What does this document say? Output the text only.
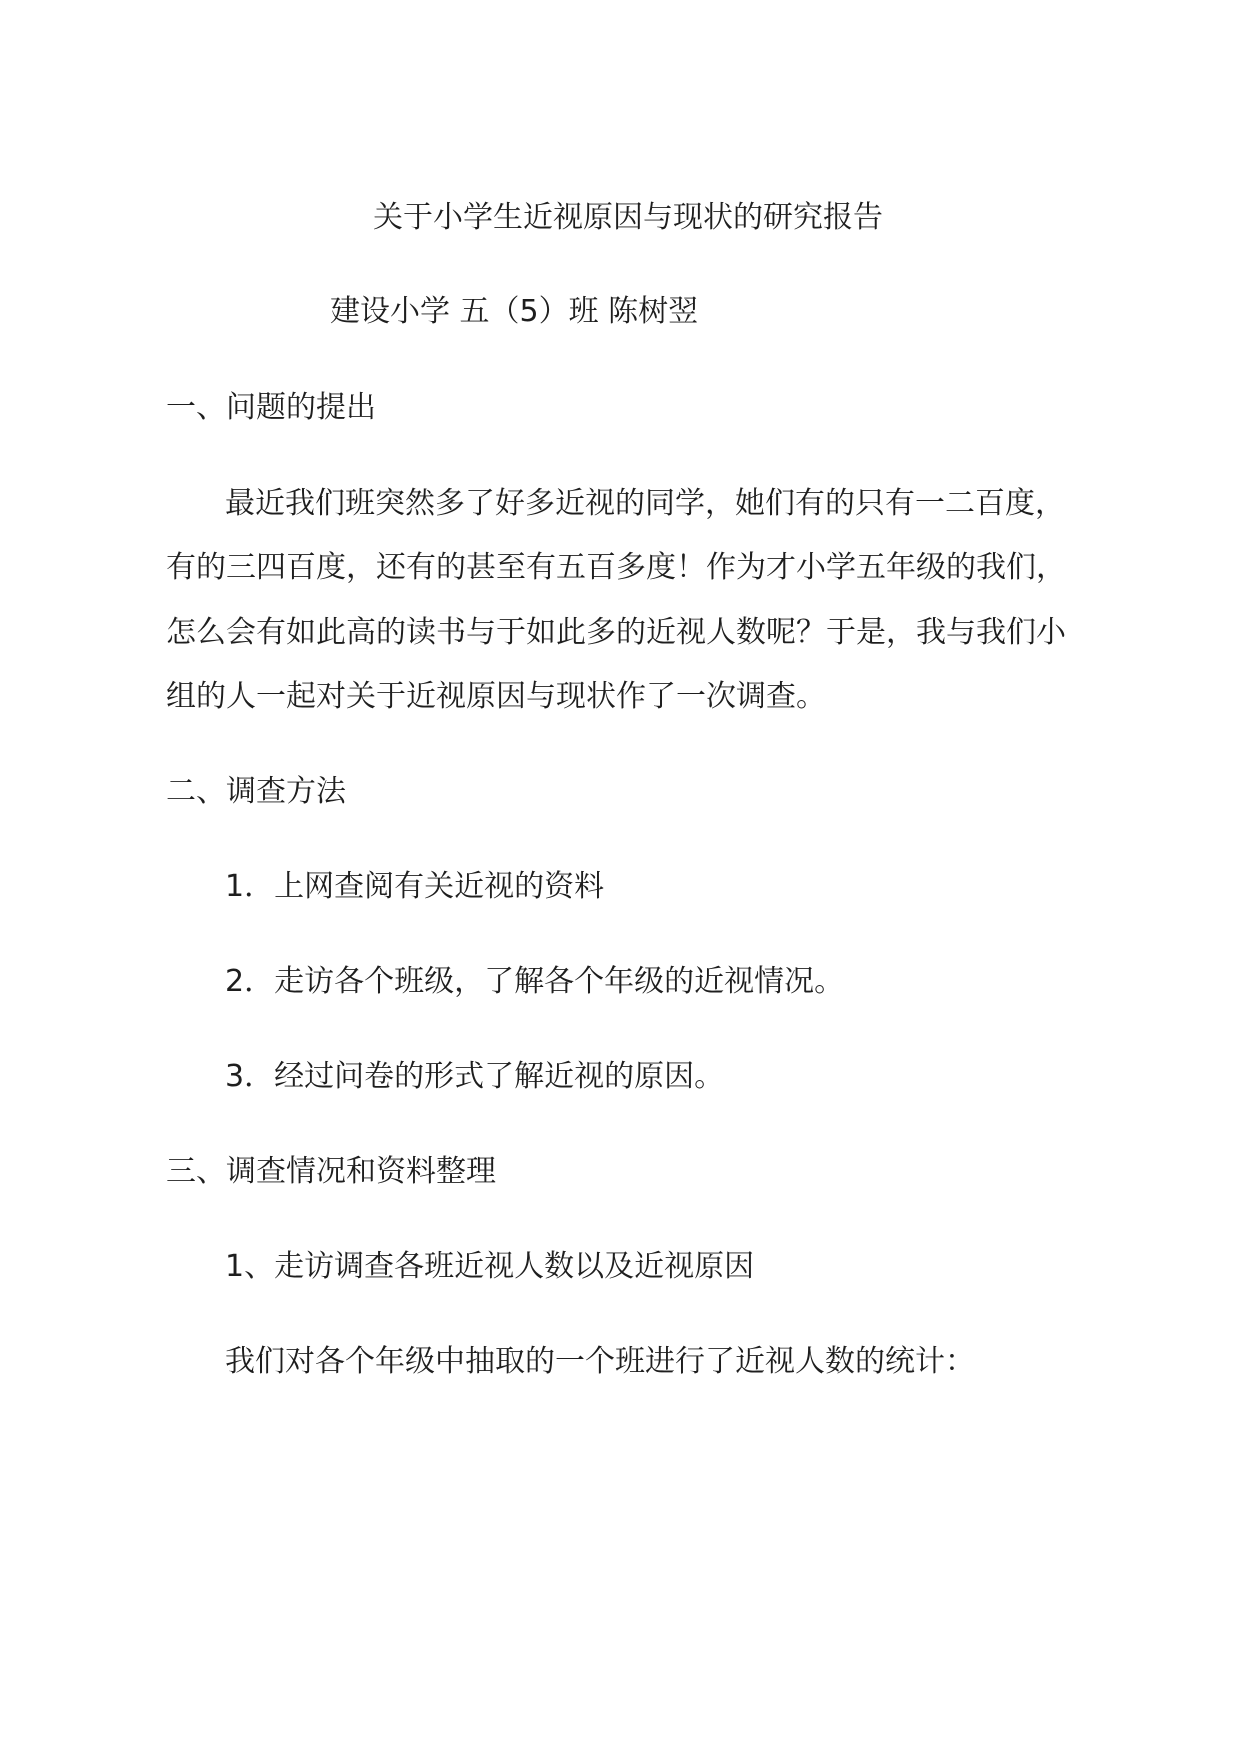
关于小学生近视原因与现状的研究报告
建设小学 五（5）班 陈树翌
一、问题的提出
最近我们班突然多了好多近视的同学，她们有的只有一二百度，
有的三四百度，还有的甚至有五百多度！作为才小学五年级的我们，
怎么会有如此高的读书与于如此多的近视人数呢？于是，我与我们小
组的人一起对关于近视原因与现状作了一次调查。
二、调查方法
1．上网查阅有关近视的资料
2．走访各个班级，了解各个年级的近视情况。
3．经过问卷的形式了解近视的原因。
三、调查情况和资料整理
1、走访调查各班近视人数以及近视原因
我们对各个年级中抽取的一个班进行了近视人数的统计：
